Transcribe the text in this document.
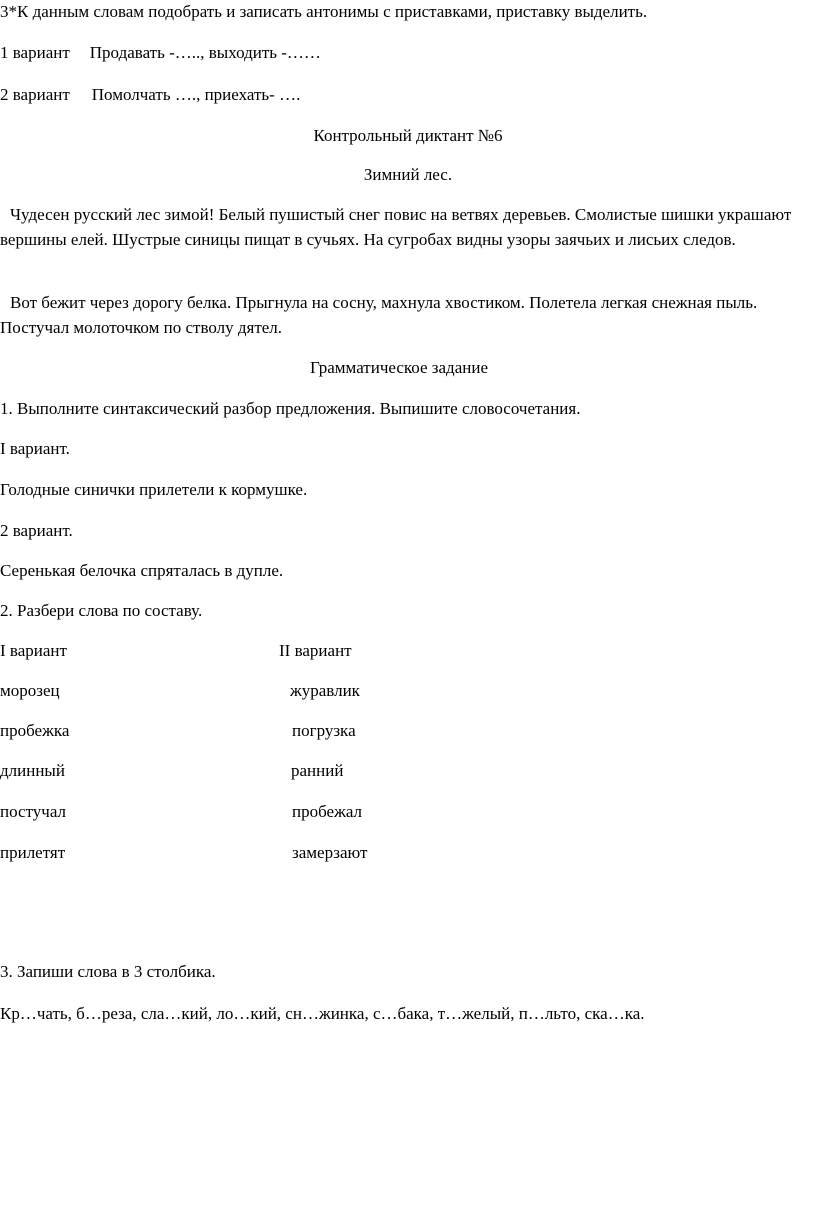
3*К данным словам подобрать и записать антонимы с приставками, приставку выделить.
1 вариант Продавать -….., выходить -……
2 вариант Помолчать …., приехать- ….
Контрольный диктант №6
Зимний лес.
Чудесен русский лес зимой! Белый пушистый снег повис на ветвях деревьев. Смолистые шишки украшают вершины елей. Шустрые синицы пищат в сучьях. На сугробах видны узоры заячьих и лисьих следов.
Вот бежит через дорогу белка. Прыгнула на сосну, махнула хвостиком. Полетела легкая снежная пыль. Постучал молоточком по стволу дятел.
Грамматическое задание
1. Выполните синтаксический разбор предложения. Выпишите словосочетания.
I вариант.
Голодные синички прилетели к кормушке.
2 вариант.
Серенькая белочка спряталась в дупле.
2. Разбери слова по составу.
I вариант	II вариант
морозец
пробежка
длинный
постучал
прилетят
журавлик
погрузка
ранний
пробежал
замерзают
3. Запиши слова в 3 столбика.
Кр…чать, б…реза, сла…кий, ло…кий, сн…жинка, с…бака, т…желый, п…льто, ска…ка.
